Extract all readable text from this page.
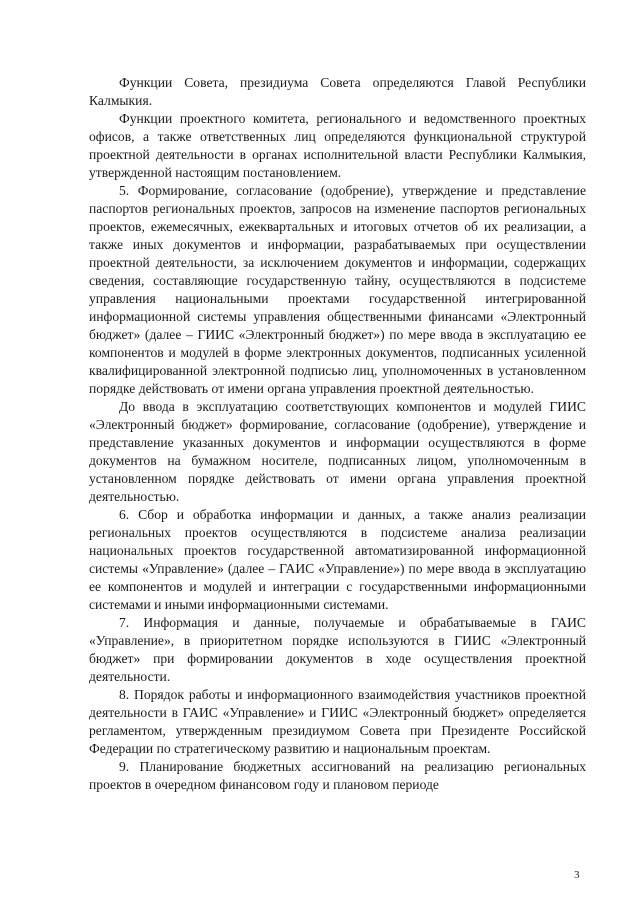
Функции Совета, президиума Совета определяются Главой Республики Калмыкия.

Функции проектного комитета, регионального и ведомственного проектных офисов, а также ответственных лиц определяются функциональной структурой проектной деятельности в органах исполнительной власти Республики Калмыкия, утвержденной настоящим постановлением.

5. Формирование, согласование (одобрение), утверждение и представление паспортов региональных проектов, запросов на изменение паспортов региональных проектов, ежемесячных, ежеквартальных и итоговых отчетов об их реализации, а также иных документов и информации, разрабатываемых при осуществлении проектной деятельности, за исключением документов и информации, содержащих сведения, составляющие государственную тайну, осуществляются в подсистеме управления национальными проектами государственной интегрированной информационной системы управления общественными финансами «Электронный бюджет» (далее – ГИИС «Электронный бюджет») по мере ввода в эксплуатацию ее компонентов и модулей в форме электронных документов, подписанных усиленной квалифицированной электронной подписью лиц, уполномоченных в установленном порядке действовать от имени органа управления проектной деятельностью.

До ввода в эксплуатацию соответствующих компонентов и модулей ГИИС «Электронный бюджет» формирование, согласование (одобрение), утверждение и представление указанных документов и информации осуществляются в форме документов на бумажном носителе, подписанных лицом, уполномоченным в установленном порядке действовать от имени органа управления проектной деятельностью.

6. Сбор и обработка информации и данных, а также анализ реализации региональных проектов осуществляются в подсистеме анализа реализации национальных проектов государственной автоматизированной информационной системы «Управление» (далее – ГАИС «Управление») по мере ввода в эксплуатацию ее компонентов и модулей и интеграции с государственными информационными системами и иными информационными системами.

7. Информация и данные, получаемые и обрабатываемые в ГАИС «Управление», в приоритетном порядке используются в ГИИС «Электронный бюджет» при формировании документов в ходе осуществления проектной деятельности.

8. Порядок работы и информационного взаимодействия участников проектной деятельности в ГАИС «Управление» и ГИИС «Электронный бюджет» определяется регламентом, утвержденным президиумом Совета при Президенте Российской Федерации по стратегическому развитию и национальным проектам.

9. Планирование бюджетных ассигнований на реализацию региональных проектов в очередном финансовом году и плановом периоде

3
